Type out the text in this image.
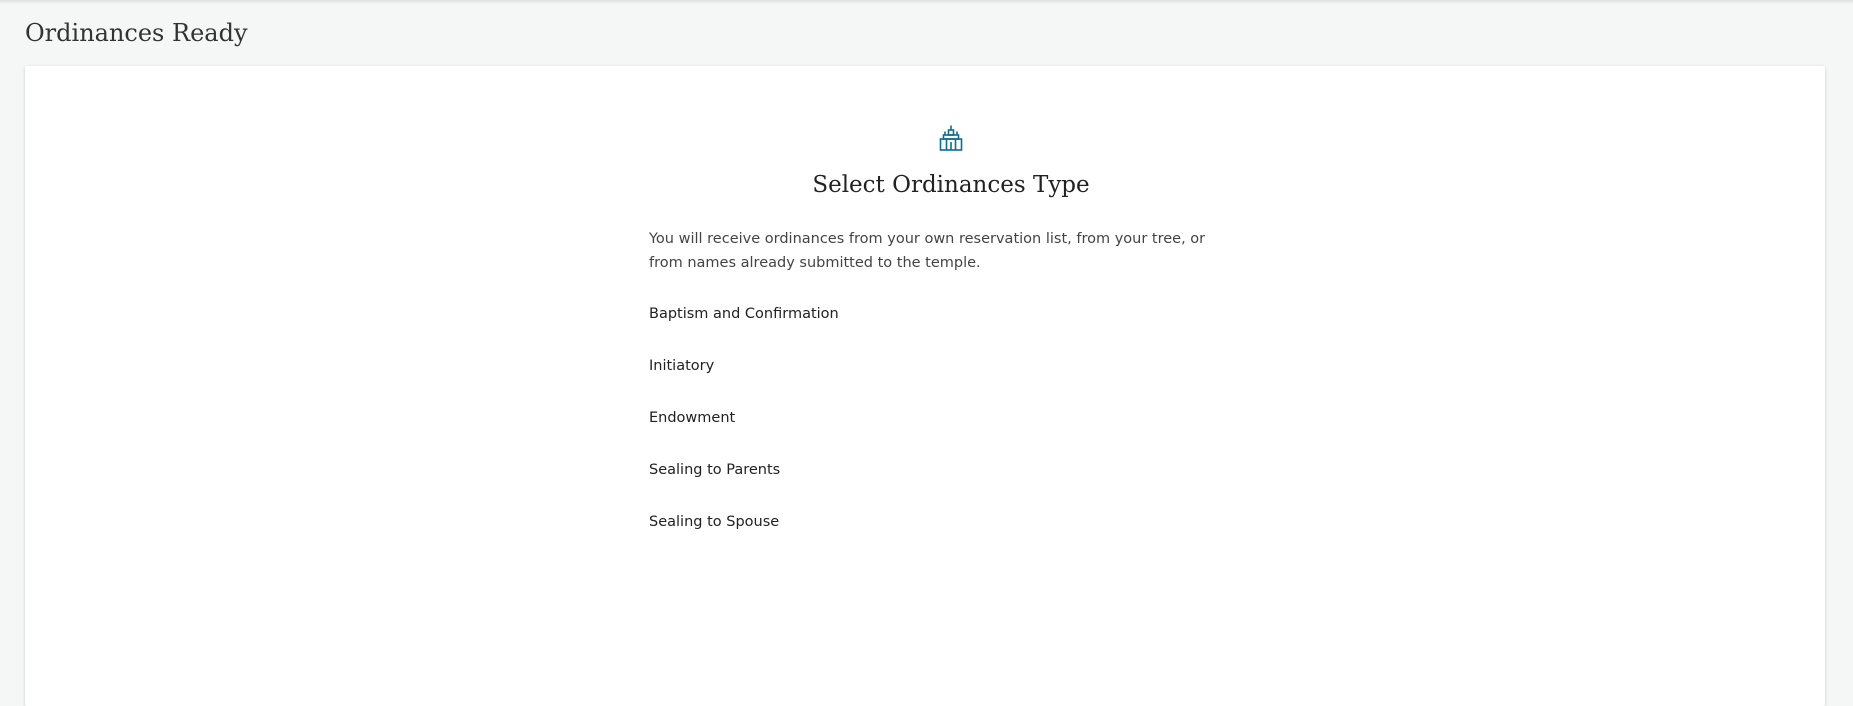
Ordinances Ready
Select Ordinances Type

You will receive ordinances from your own reservation list, from your tree, or from names already submitted to the temple.

Baptism and Confirmation
Initiatory
Endowment
Sealing to Parents
Sealing to Spouse
